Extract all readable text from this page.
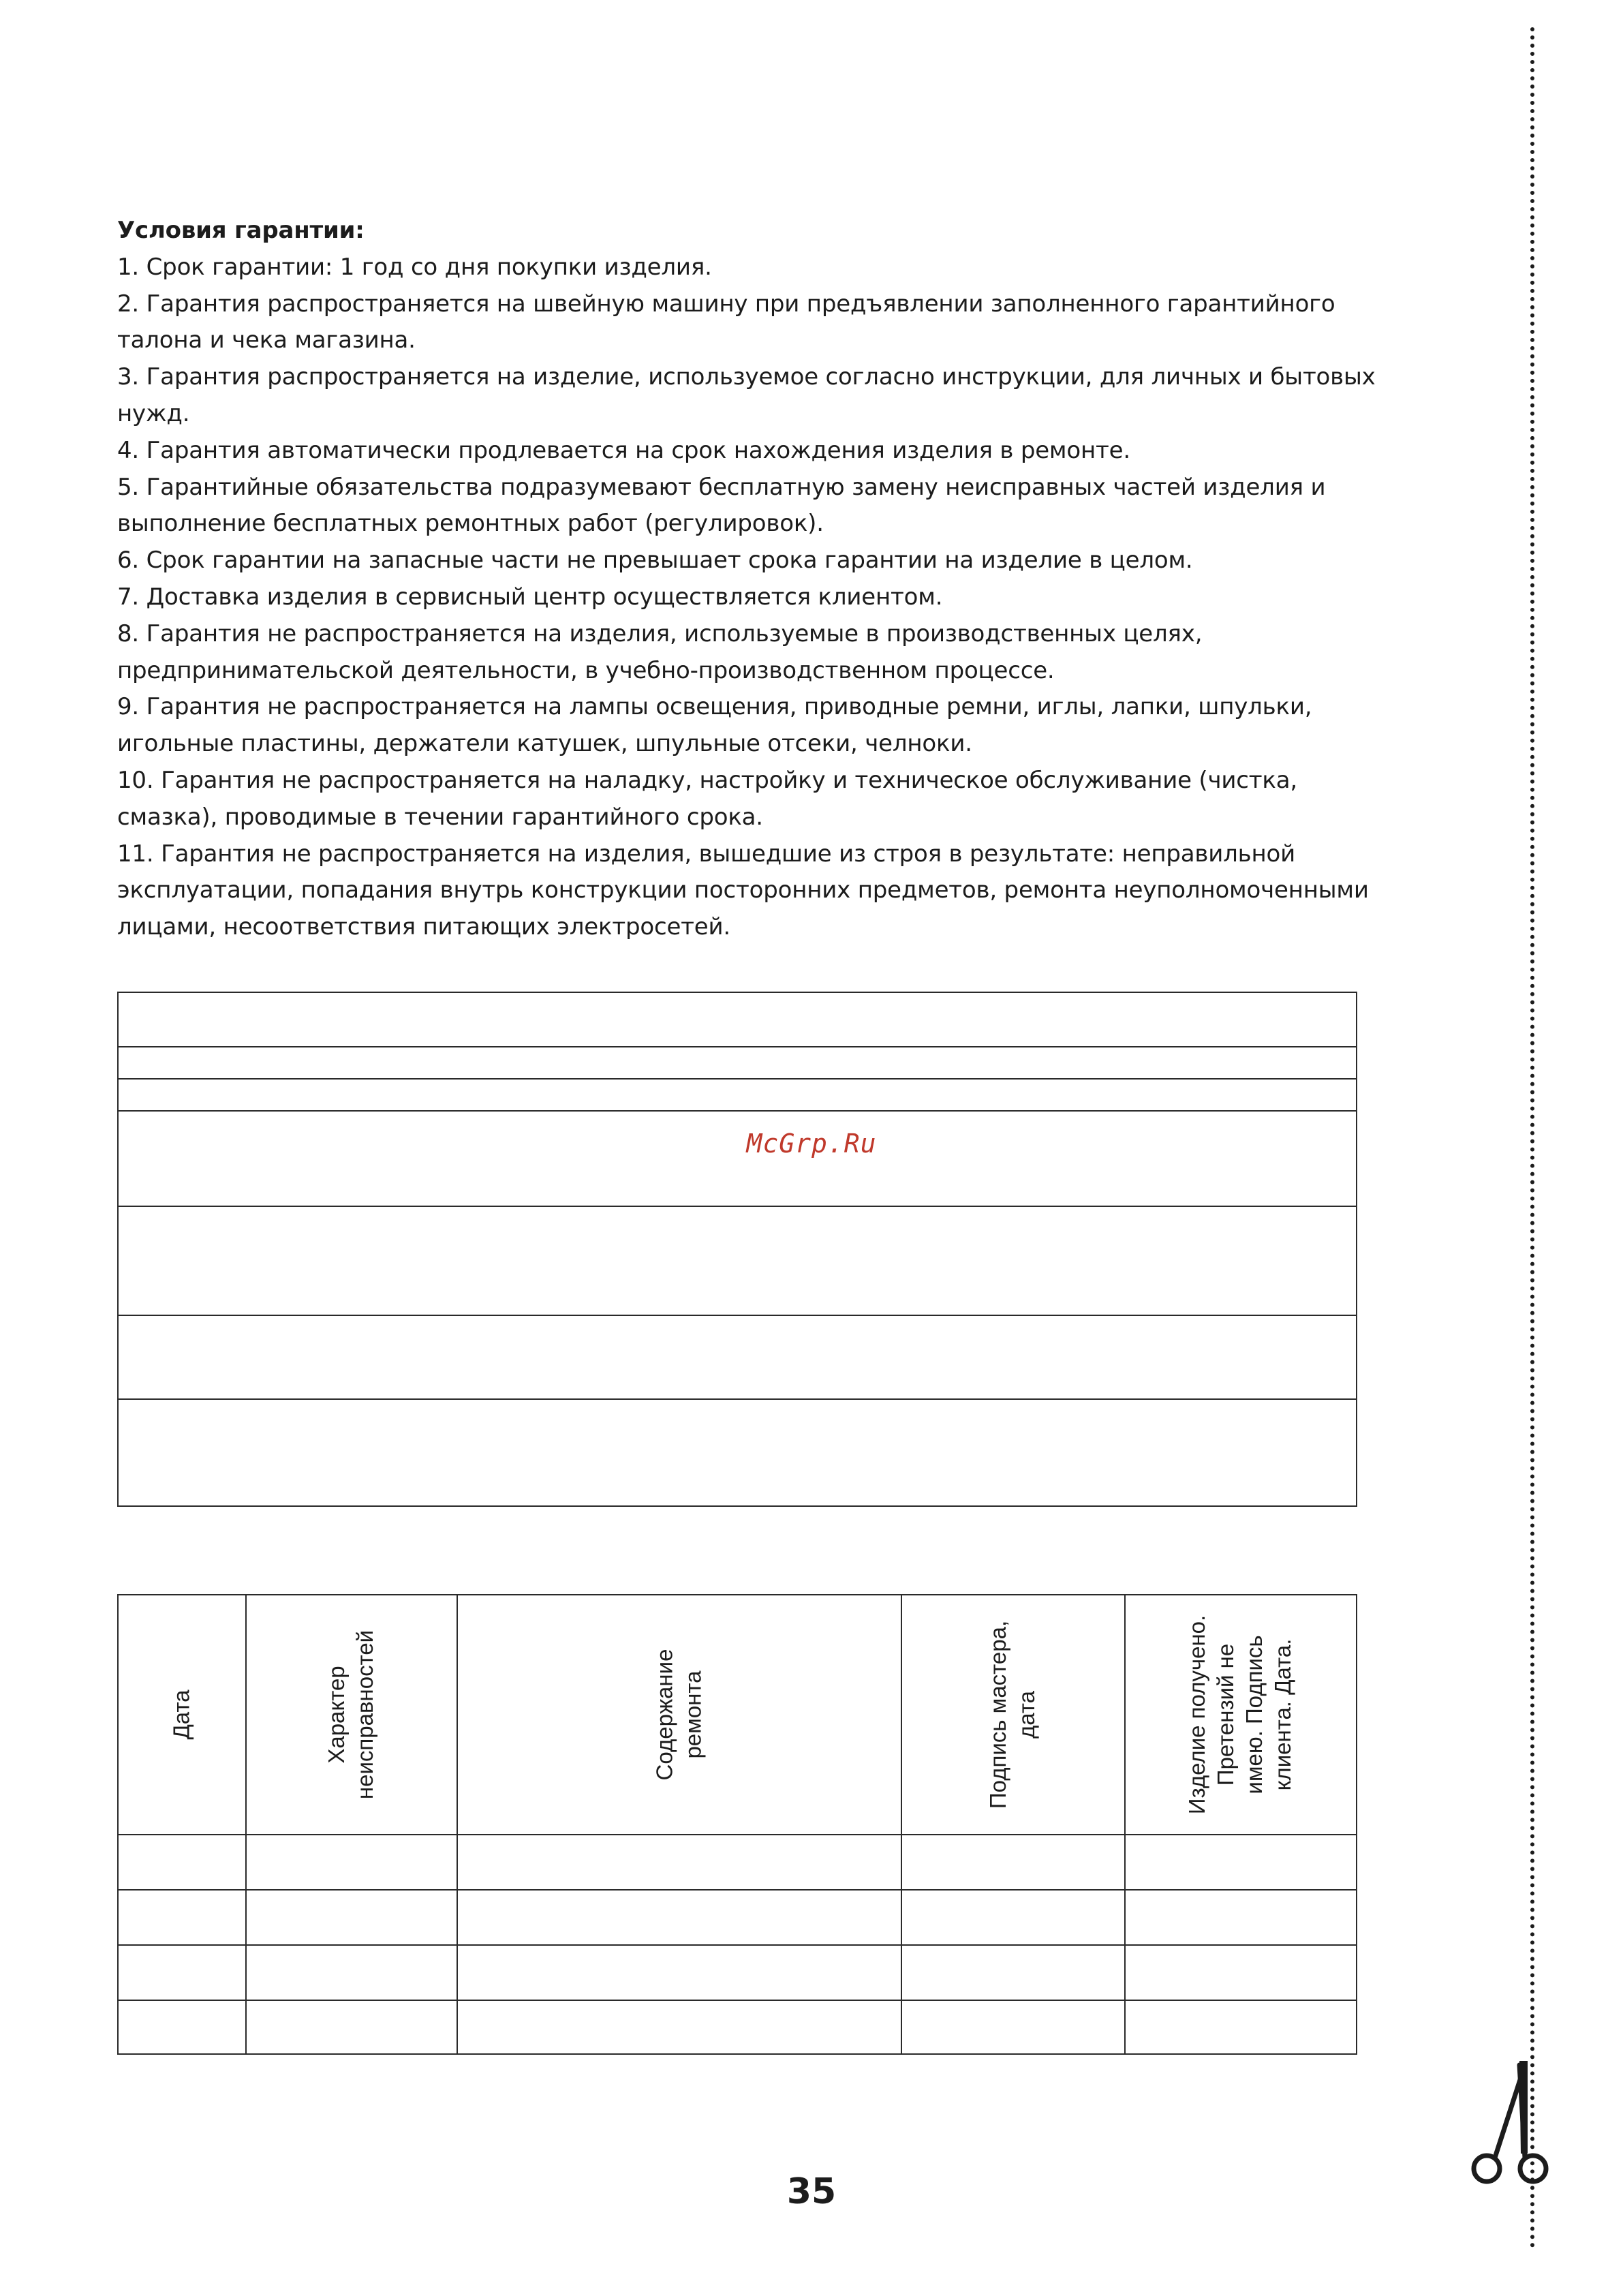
Условия гарантии:

1. Срок гарантии: 1 год со дня покупки изделия.

2. Гарантия распространяется на швейную машину при предъявлении заполненного гарантийного талона и чека магазина.

3. Гарантия распространяется на изделие, используемое согласно инструкции, для личных и бытовых нужд.

4. Гарантия автоматически продлевается на срок нахождения изделия в ремонте.

5. Гарантийные обязательства подразумевают бесплатную замену неисправных частей изделия и выполнение бесплатных ремонтных работ (регулировок).

6. Срок гарантии на запасные части не превышает срока гарантии на изделие в целом.

7. Доставка изделия в сервисный центр осуществляется клиентом.

8. Гарантия не распространяется на изделия, используемые в производственных целях, предпринимательской деятельности, в учебно-производственном процессе.

9. Гарантия не распространяется на лампы освещения, приводные ремни, иглы, лапки, шпульки, игольные пластины, держатели катушек, шпульные отсеки, челноки.

10. Гарантия не распространяется на наладку, настройку и техническое обслуживание (чистка, смазка), проводимые в течении гарантийного срока.

11. Гарантия не распространяется на изделия, вышедшие из строя в результате: неправильной эксплуатации, попадания внутрь конструкции посторонних предметов, ремонта неуполномоченными лицами, несоответствия питающих электросетей.

McGrp.Ru
Дата	Характер неисправностей	Содержание ремонта	Подпись мастера, дата	Изделие получено. Претензий не имею. Подпись клиента. Дата.
35
